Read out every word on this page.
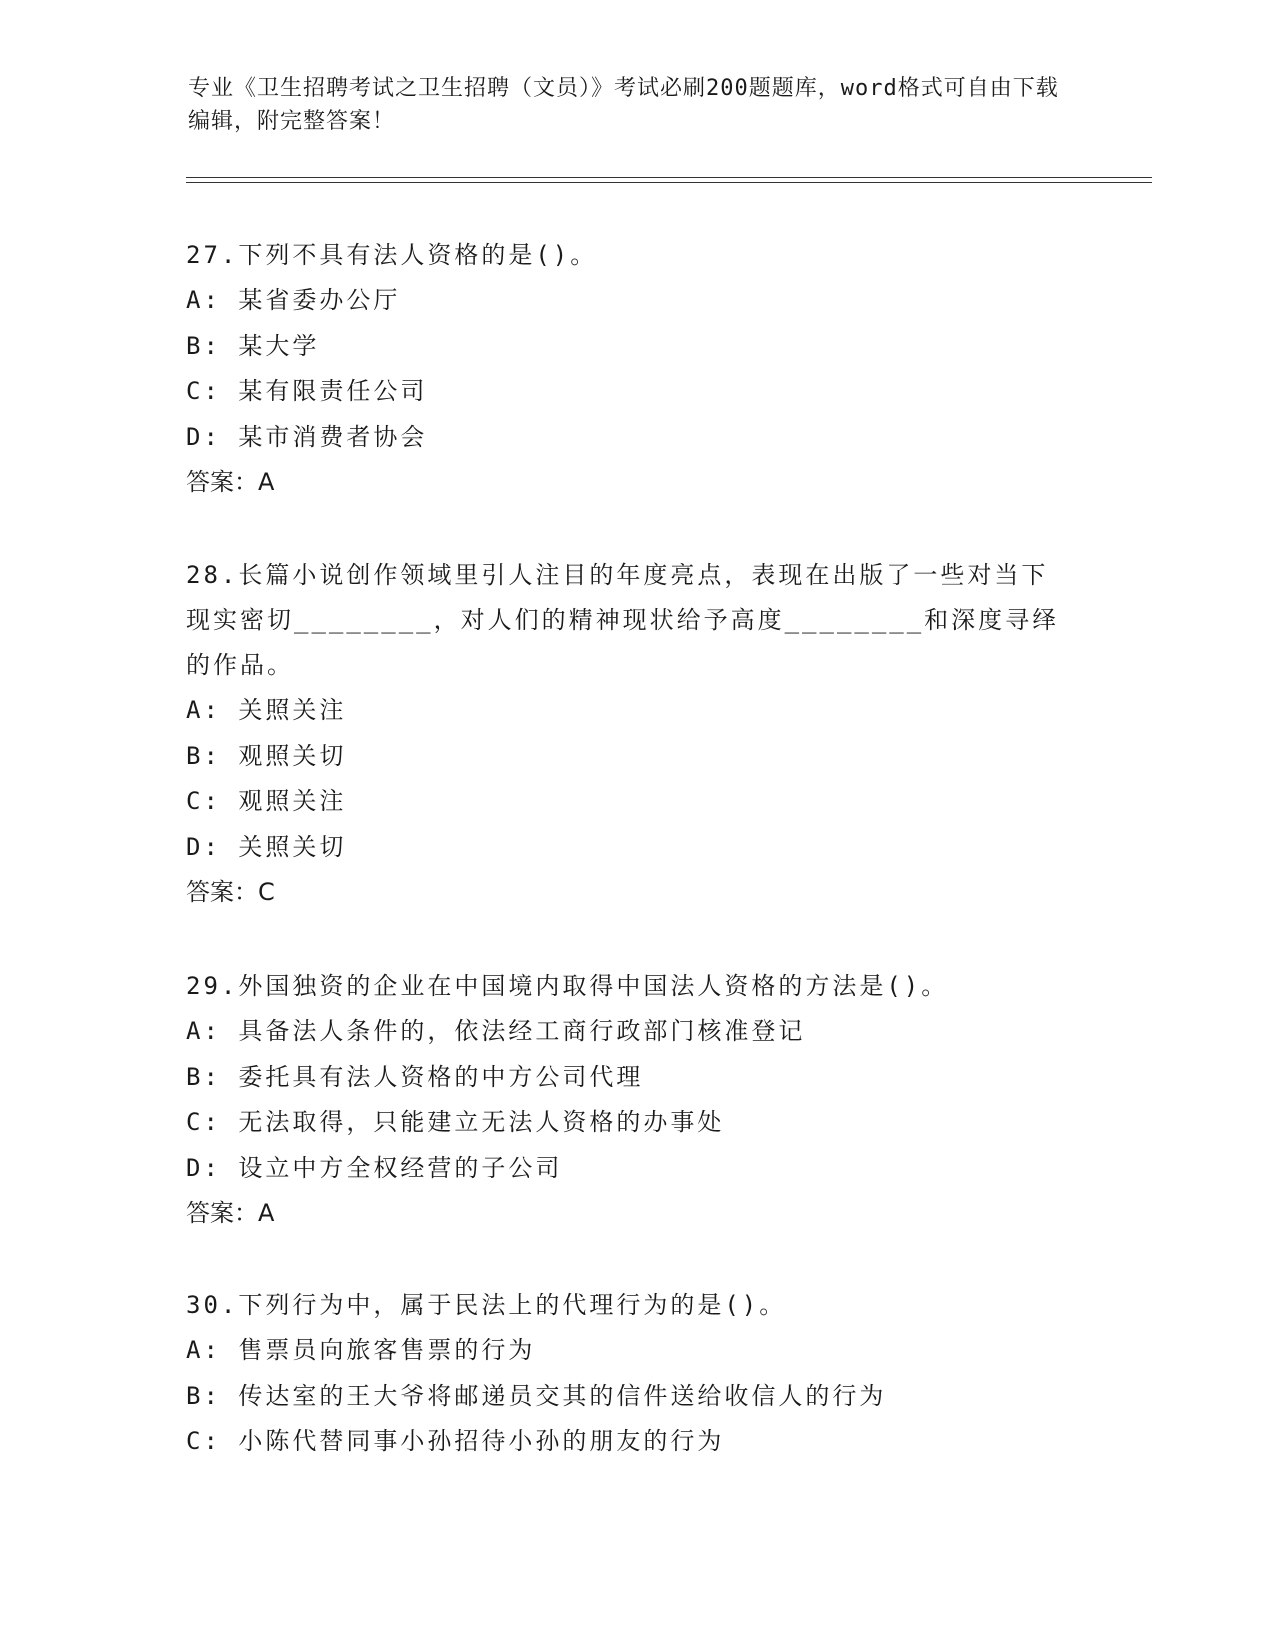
专业《卫生招聘考试之卫生招聘（文员）》考试必刷200题题库，word格式可自由下载编辑，附完整答案！
27.下列不具有法人资格的是()。
A: 某省委办公厅
B: 某大学
C: 某有限责任公司
D: 某市消费者协会
答案：A
28.长篇小说创作领域里引人注目的年度亮点，表现在出版了一些对当下现实密切________，对人们的精神现状给予高度________和深度寻绎的作品。
A: 关照关注
B: 观照关切
C: 观照关注
D: 关照关切
答案：C
29.外国独资的企业在中国境内取得中国法人资格的方法是()。
A: 具备法人条件的，依法经工商行政部门核准登记
B: 委托具有法人资格的中方公司代理
C: 无法取得，只能建立无法人资格的办事处
D: 设立中方全权经营的子公司
答案：A
30.下列行为中，属于民法上的代理行为的是()。
A: 售票员向旅客售票的行为
B: 传达室的王大爷将邮递员交其的信件送给收信人的行为
C: 小陈代替同事小孙招待小孙的朋友的行为
